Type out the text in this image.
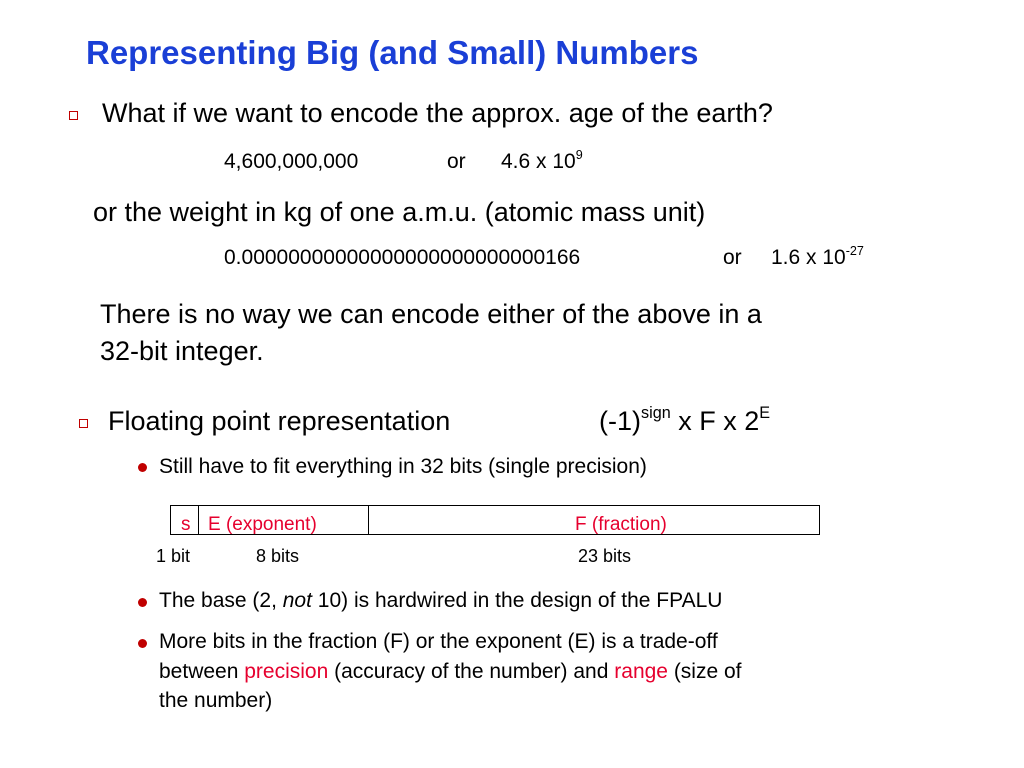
Representing Big (and Small) Numbers
What if we want to encode the approx. age of the earth?
4,600,000,000	or 4.6 x $10^9$
or the weight in kg of one a.m.u. (atomic mass unit)
0.00000000000000000000000000166	or 1.6 x $10^{-27}$
There is no way we can encode either of the above in a
32-bit integer.
Floating point representation	$(-1)^{sign}$ x F x $2^E$
Still have to fit everything in 32 bits (single precision)
s E (exponent)	F (fraction)
1 bit	8 bits	23 bits
The base (2, not 10) is hardwired in the design of the FPALU
More bits in the fraction (F) or the exponent (E) is a trade-off
between precision (accuracy of the number) and range (size of
the number)
